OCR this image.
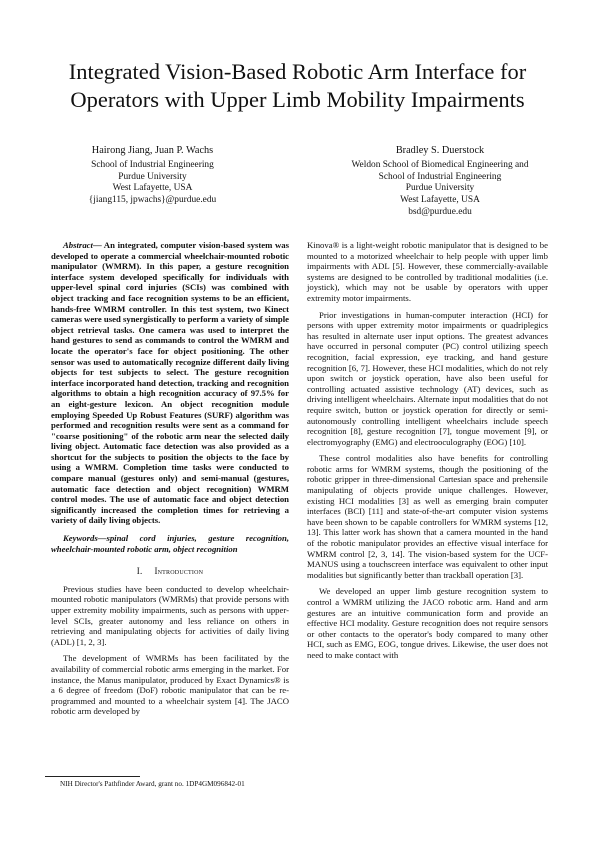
Integrated Vision-Based Robotic Arm Interface for
Operators with Upper Limb Mobility Impairments
Hairong Jiang, Juan P. Wachs
School of Industrial Engineering
Purdue University
West Lafayette, USA
{jiang115, jpwachs}@purdue.edu
Bradley S. Duerstock
Weldon School of Biomedical Engineering and
School of Industrial Engineering
Purdue University
West Lafayette, USA
bsd@purdue.edu

Abstract— An integrated, computer vision-based system was developed to operate a commercial wheelchair-mounted robotic manipulator (WMRM). In this paper, a gesture recognition interface system developed specifically for individuals with upper-level spinal cord injuries (SCIs) was combined with object tracking and face recognition systems to be an efficient, hands-free WMRM controller. In this test system, two Kinect cameras were used synergistically to perform a variety of simple object retrieval tasks. One camera was used to interpret the hand gestures to send as commands to control the WMRM and locate the operator's face for object positioning. The other sensor was used to automatically recognize different daily living objects for test subjects to select. The gesture recognition interface incorporated hand detection, tracking and recognition algorithms to obtain a high recognition accuracy of 97.5% for an eight-gesture lexicon. An object recognition module employing Speeded Up Robust Features (SURF) algorithm was performed and recognition results were sent as a command for "coarse positioning" of the robotic arm near the selected daily living object. Automatic face detection was also provided as a shortcut for the subjects to position the objects to the face by using a WMRM. Completion time tasks were conducted to compare manual (gestures only) and semi-manual (gestures, automatic face detection and object recognition) WMRM control modes. The use of automatic face and object detection significantly increased the completion times for retrieving a variety of daily living objects.

Keywords—spinal cord injuries, gesture recognition, wheelchair-mounted robotic arm, object recognition

I. Introduction

Previous studies have been conducted to develop wheelchair-mounted robotic manipulators (WMRMs) that provide persons with upper extremity mobility impairments, such as persons with upper-level SCIs, greater autonomy and less reliance on others in retrieving and manipulating objects for activities of daily living (ADL) [1, 2, 3].

The development of WMRMs has been facilitated by the availability of commercial robotic arms emerging in the market. For instance, the Manus manipulator, produced by Exact Dynamics® is a 6 degree of freedom (DoF) robotic manipulator that can be re-programmed and mounted to a wheelchair system [4]. The JACO robotic arm developed by

Kinova® is a light-weight robotic manipulator that is designed to be mounted to a motorized wheelchair to help people with upper limb impairments with ADL [5]. However, these commercially-available systems are designed to be controlled by traditional modalities (i.e. joystick), which may not be usable by operators with upper extremity motor impairments.

Prior investigations in human-computer interaction (HCI) for persons with upper extremity motor impairments or quadriplegics has resulted in alternate user input options. The greatest advances have occurred in personal computer (PC) control utilizing speech recognition, facial expression, eye tracking, and hand gesture recognition [6, 7]. However, these HCI modalities, which do not rely upon switch or joystick operation, have also been useful for controlling actuated assistive technology (AT) devices, such as driving intelligent wheelchairs. Alternate input modalities that do not require switch, button or joystick operation for directly or semi-autonomously controlling intelligent wheelchairs include speech recognition [8], gesture recognition [7], tongue movement [9], or electromyography (EMG) and electrooculography (EOG) [10].

These control modalities also have benefits for controlling robotic arms for WMRM systems, though the positioning of the robotic gripper in three-dimensional Cartesian space and prehensile manipulating of objects provide unique challenges. However, existing HCI modalities [3] as well as emerging brain computer interfaces (BCI) [11] and state-of-the-art computer vision systems have been shown to be capable controllers for WMRM systems [12, 13]. This latter work has shown that a camera mounted in the hand of the robotic manipulator provides an effective visual interface for WMRM control [2, 3, 14]. The vision-based system for the UCF-MANUS using a touchscreen interface was equivalent to other input modalities but significantly better than trackball operation [3].

We developed an upper limb gesture recognition system to control a WMRM utilizing the JACO robotic arm. Hand and arm gestures are an intuitive communication form and provide an effective HCI modality. Gesture recognition does not require sensors or other contacts to the operator's body compared to many other HCI, such as EMG, EOG, tongue drives. Likewise, the user does not need to make contact with

NIH Director's Pathfinder Award, grant no. 1DP4GM096842-01
